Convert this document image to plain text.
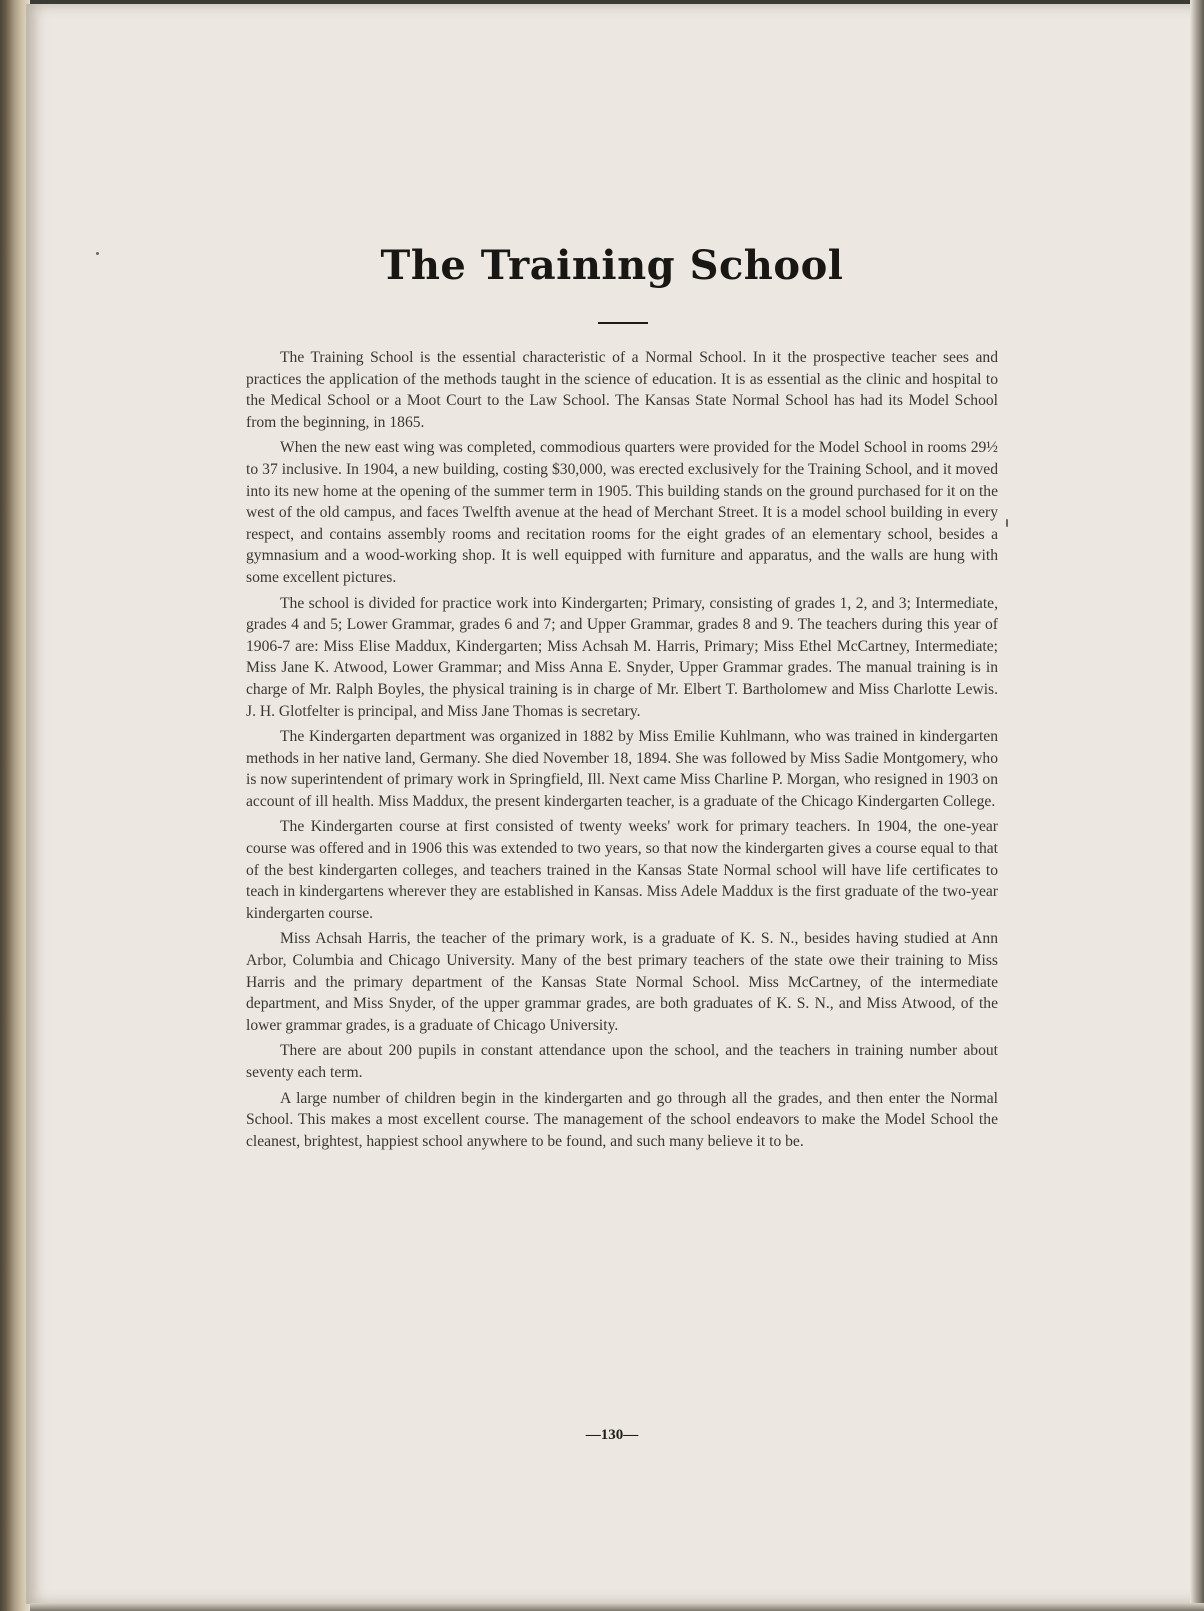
The Training School

The Training School is the essential characteristic of a Normal School. In it the prospective teacher sees and practices the application of the methods taught in the science of education. It is as essential as the clinic and hospital to the Medical School or a Moot Court to the Law School. The Kansas State Normal School has had its Model School from the beginning, in 1865.

When the new east wing was completed, commodious quarters were provided for the Model School in rooms 29½ to 37 inclusive. In 1904, a new building, costing $30,000, was erected exclusively for the Training School, and it moved into its new home at the opening of the summer term in 1905. This building stands on the ground purchased for it on the west of the old campus, and faces Twelfth avenue at the head of Merchant Street. It is a model school building in every respect, and contains assembly rooms and recitation rooms for the eight grades of an elementary school, besides a gymnasium and a wood-working shop. It is well equipped with furniture and apparatus, and the walls are hung with some excellent pictures.

The school is divided for practice work into Kindergarten; Primary, consisting of grades 1, 2, and 3; Intermediate, grades 4 and 5; Lower Grammar, grades 6 and 7; and Upper Grammar, grades 8 and 9. The teachers during this year of 1906-7 are: Miss Elise Maddux, Kindergarten; Miss Achsah M. Harris, Primary; Miss Ethel McCartney, Intermediate; Miss Jane K. Atwood, Lower Grammar; and Miss Anna E. Snyder, Upper Grammar grades. The manual training is in charge of Mr. Ralph Boyles, the physical training is in charge of Mr. Elbert T. Bartholomew and Miss Charlotte Lewis. J. H. Glotfelter is principal, and Miss Jane Thomas is secretary.

The Kindergarten department was organized in 1882 by Miss Emilie Kuhlmann, who was trained in kindergarten methods in her native land, Germany. She died November 18, 1894. She was followed by Miss Sadie Montgomery, who is now superintendent of primary work in Springfield, Ill. Next came Miss Charline P. Morgan, who resigned in 1903 on account of ill health. Miss Maddux, the present kindergarten teacher, is a graduate of the Chicago Kindergarten College.

The Kindergarten course at first consisted of twenty weeks' work for primary teachers. In 1904, the one-year course was offered and in 1906 this was extended to two years, so that now the kindergarten gives a course equal to that of the best kindergarten colleges, and teachers trained in the Kansas State Normal school will have life certificates to teach in kindergartens wherever they are established in Kansas. Miss Adele Maddux is the first graduate of the two-year kindergarten course.

Miss Achsah Harris, the teacher of the primary work, is a graduate of K. S. N., besides having studied at Ann Arbor, Columbia and Chicago University. Many of the best primary teachers of the state owe their training to Miss Harris and the primary department of the Kansas State Normal School. Miss McCartney, of the intermediate department, and Miss Snyder, of the upper grammar grades, are both graduates of K. S. N., and Miss Atwood, of the lower grammar grades, is a graduate of Chicago University.

There are about 200 pupils in constant attendance upon the school, and the teachers in training number about seventy each term.

A large number of children begin in the kindergarten and go through all the grades, and then enter the Normal School. This makes a most excellent course. The management of the school endeavors to make the Model School the cleanest, brightest, happiest school anywhere to be found, and such many believe it to be.

—130—
